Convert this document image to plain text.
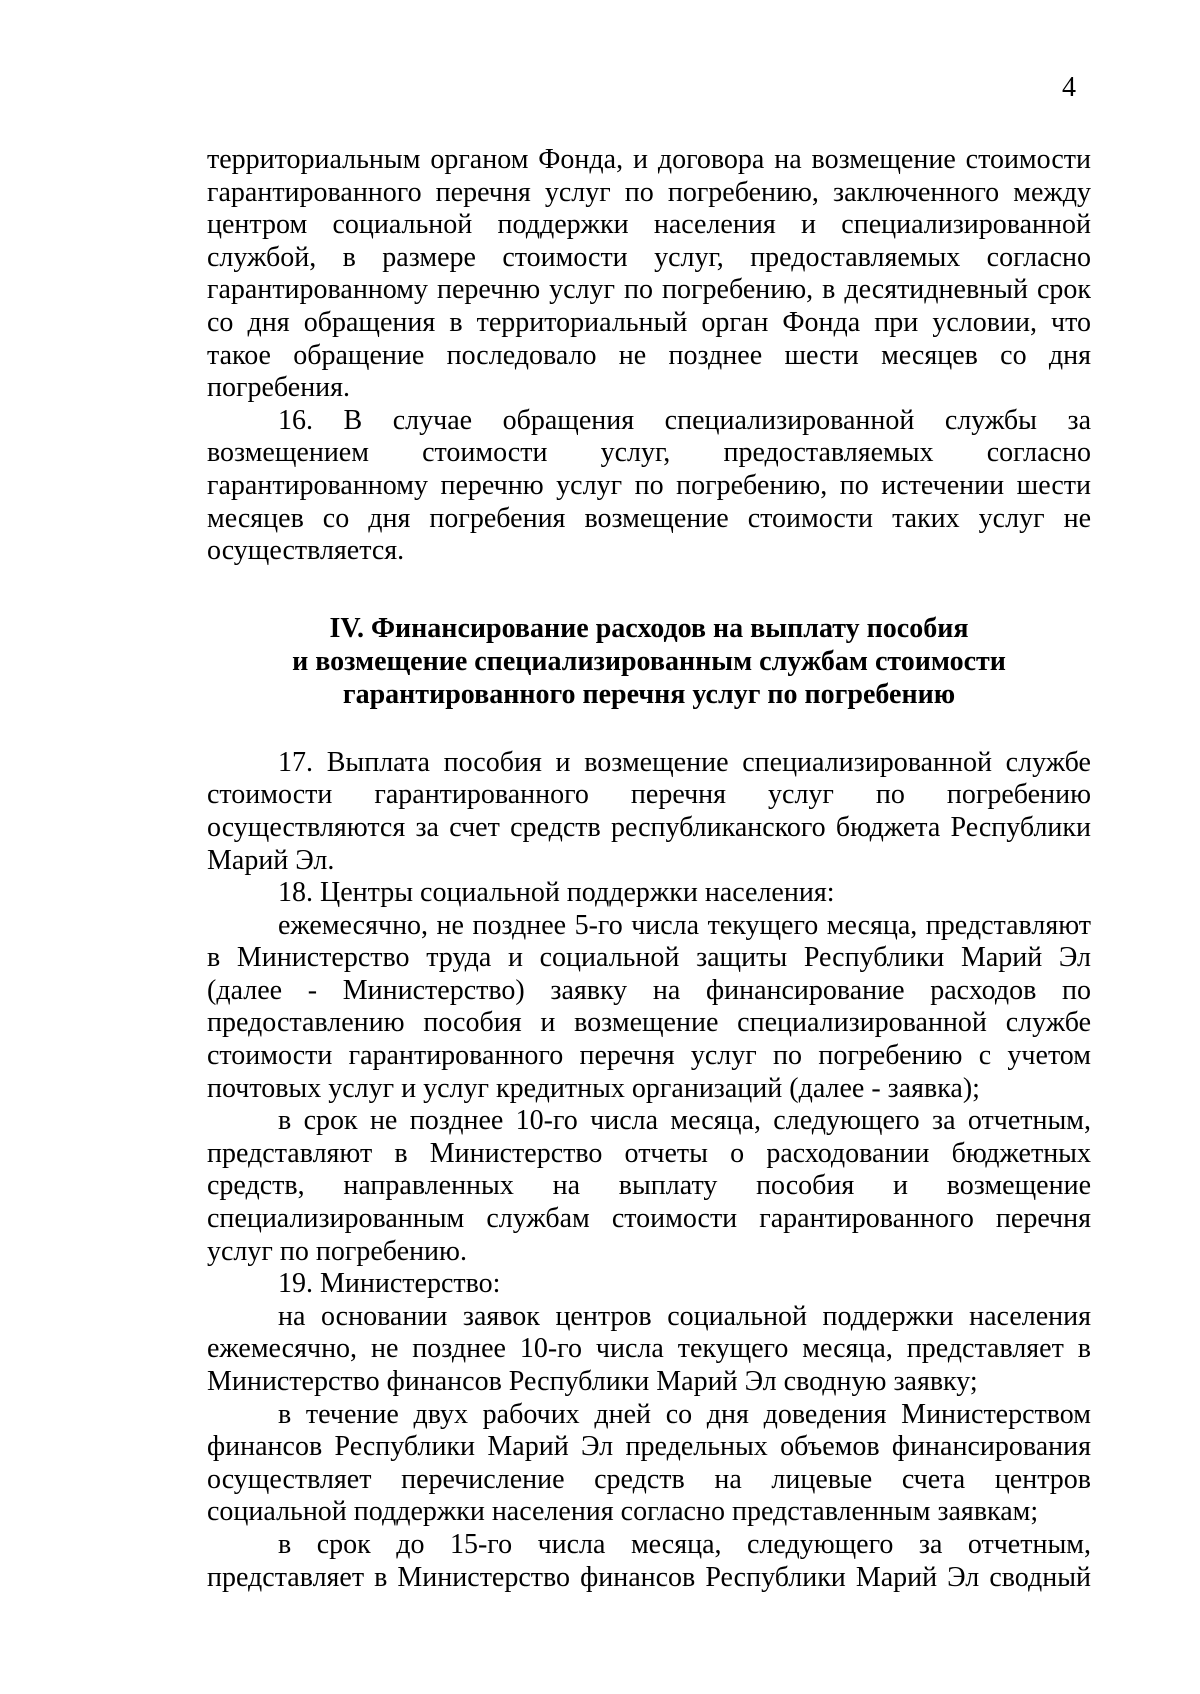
4

территориальным органом Фонда, и договора на возмещение стоимости гарантированного перечня услуг по погребению, заключенного между центром социальной поддержки населения и специализированной службой, в размере стоимости услуг, предоставляемых согласно гарантированному перечню услуг по погребению, в десятидневный срок со дня обращения в территориальный орган Фонда при условии, что такое обращение последовало не позднее шести месяцев со дня погребения.

16. В случае обращения специализированной службы за возмещением стоимости услуг, предоставляемых согласно гарантированному перечню услуг по погребению, по истечении шести месяцев со дня погребения возмещение стоимости таких услуг не осуществляется.

IV. Финансирование расходов на выплату пособия
и возмещение специализированным службам стоимости
гарантированного перечня услуг по погребению

17. Выплата пособия и возмещение специализированной службе стоимости гарантированного перечня услуг по погребению осуществляются за счет средств республиканского бюджета Республики Марий Эл.

18. Центры социальной поддержки населения:

ежемесячно, не позднее 5-го числа текущего месяца, представляют в Министерство труда и социальной защиты Республики Марий Эл (далее - Министерство) заявку на финансирование расходов по предоставлению пособия и возмещение специализированной службе стоимости гарантированного перечня услуг по погребению с учетом почтовых услуг и услуг кредитных организаций (далее - заявка);

в срок не позднее 10-го числа месяца, следующего за отчетным, представляют в Министерство отчеты о расходовании бюджетных средств, направленных на выплату пособия и возмещение специализированным службам стоимости гарантированного перечня услуг по погребению.

19. Министерство:

на основании заявок центров социальной поддержки населения ежемесячно, не позднее 10-го числа текущего месяца, представляет в Министерство финансов Республики Марий Эл сводную заявку;

в течение двух рабочих дней со дня доведения Министерством финансов Республики Марий Эл предельных объемов финансирования осуществляет перечисление средств на лицевые счета центров социальной поддержки населения согласно представленным заявкам;

в срок до 15-го числа месяца, следующего за отчетным, представляет в Министерство финансов Республики Марий Эл сводный
